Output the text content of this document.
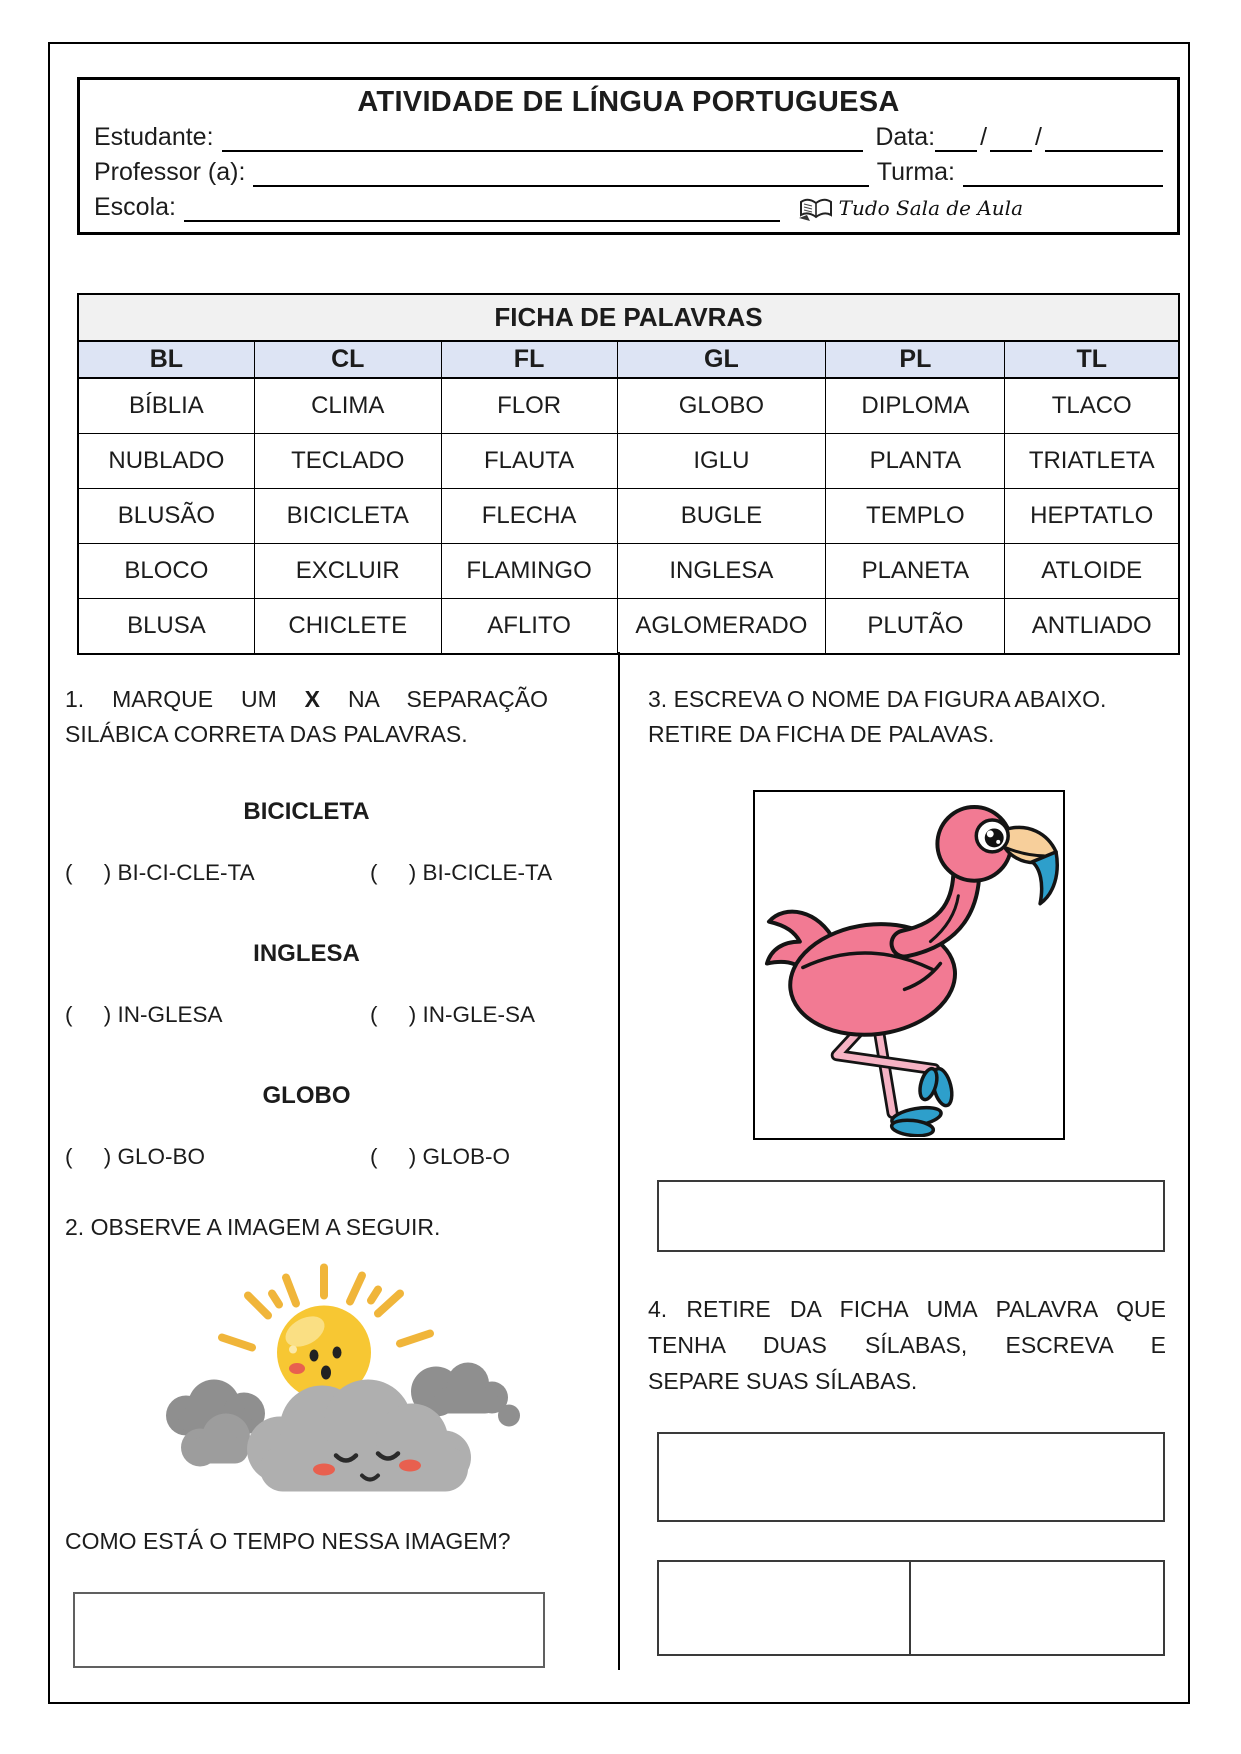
ATIVIDADE DE LÍNGUA PORTUGUESA
Estudante:	Data: / /
Professor (a):	Turma:
Escola:	Tudo Sala de Aula
FICHA DE PALAVRAS
BL	CL	FL	GL	PL	TL
BÍBLIA	CLIMA	FLOR	GLOBO	DIPLOMA	TLACO
NUBLADO	TECLADO	FLAUTA	IGLU	PLANTA	TRIATLETA
BLUSÃO	BICICLETA	FLECHA	BUGLE	TEMPLO	HEPTATLO
BLOCO	EXCLUIR	FLAMINGO	INGLESA	PLANETA	ATLOIDE
BLUSA	CHICLETE	AFLITO	AGLOMERADO	PLUTÃO	ANTLIADO
1. MARQUE UM X NA SEPARAÇÃO
SILÁBICA CORRETA DAS PALAVRAS.
BICICLETA
(     ) BI-CI-CLE-TA	(     ) BI-CICLE-TA
INGLESA
(     ) IN-GLESA	(     ) IN-GLE-SA
GLOBO
(     ) GLO-BO	(     ) GLOB-O
2. OBSERVE A IMAGEM A SEGUIR.
COMO ESTÁ O TEMPO NESSA IMAGEM?
3. ESCREVA O NOME DA FIGURA ABAIXO.
RETIRE DA FICHA DE PALAVAS.
4. RETIRE DA FICHA UMA PALAVRA QUE
TENHA DUAS SÍLABAS, ESCREVA E
SEPARE SUAS SÍLABAS.
